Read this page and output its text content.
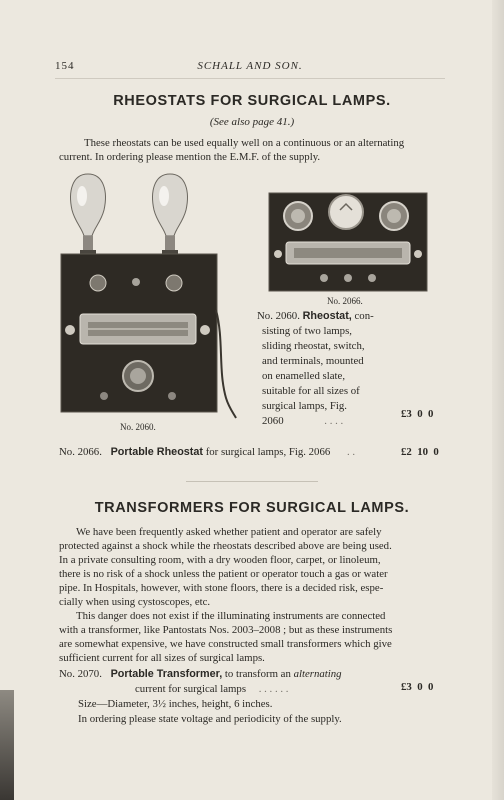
154	SCHALL AND SON.
RHEOSTATS FOR SURGICAL LAMPS.
(See also page 41.)

These rheostats can be used equally well on a continuous or an alternating

current. In ordering please mention the E.M.F. of the supply.

No. 2060.
No. 2066.
No. 2060. Rheostat, con-
sisting of two lamps,
sliding rheostat, switch,
and terminals, mounted
on enamelled slate,
suitable for all sizes of
surgical lamps, Fig.
2060	. . . .
£3  0  0
No. 2066. Portable Rheostat for surgical lamps, Fig. 2066 . .	£2  10  0
TRANSFORMERS FOR SURGICAL LAMPS.
We have been frequently asked whether patient and operator are safely
protected against a shock while the rheostats described above are being used.
In a private consulting room, with a dry wooden floor, carpet, or linoleum,
there is no risk of a shock unless the patient or operator touch a gas or water
pipe. In Hospitals, however, with stone floors, there is a decided risk, espe-
cially when using cystoscopes, etc.
This danger does not exist if the illuminating instruments are connected
with a transformer, like Pantostats Nos. 2003–2008 ; but as these instruments
are somewhat expensive, we have constructed small transformers which give
sufficient current for all sizes of surgical lamps.
No. 2070. Portable Transformer, to transform an alternating
current for surgical lamps . . . . . .	£3  0  0
Size—Diameter, 3½ inches, height, 6 inches.
In ordering please state voltage and periodicity of the supply.
